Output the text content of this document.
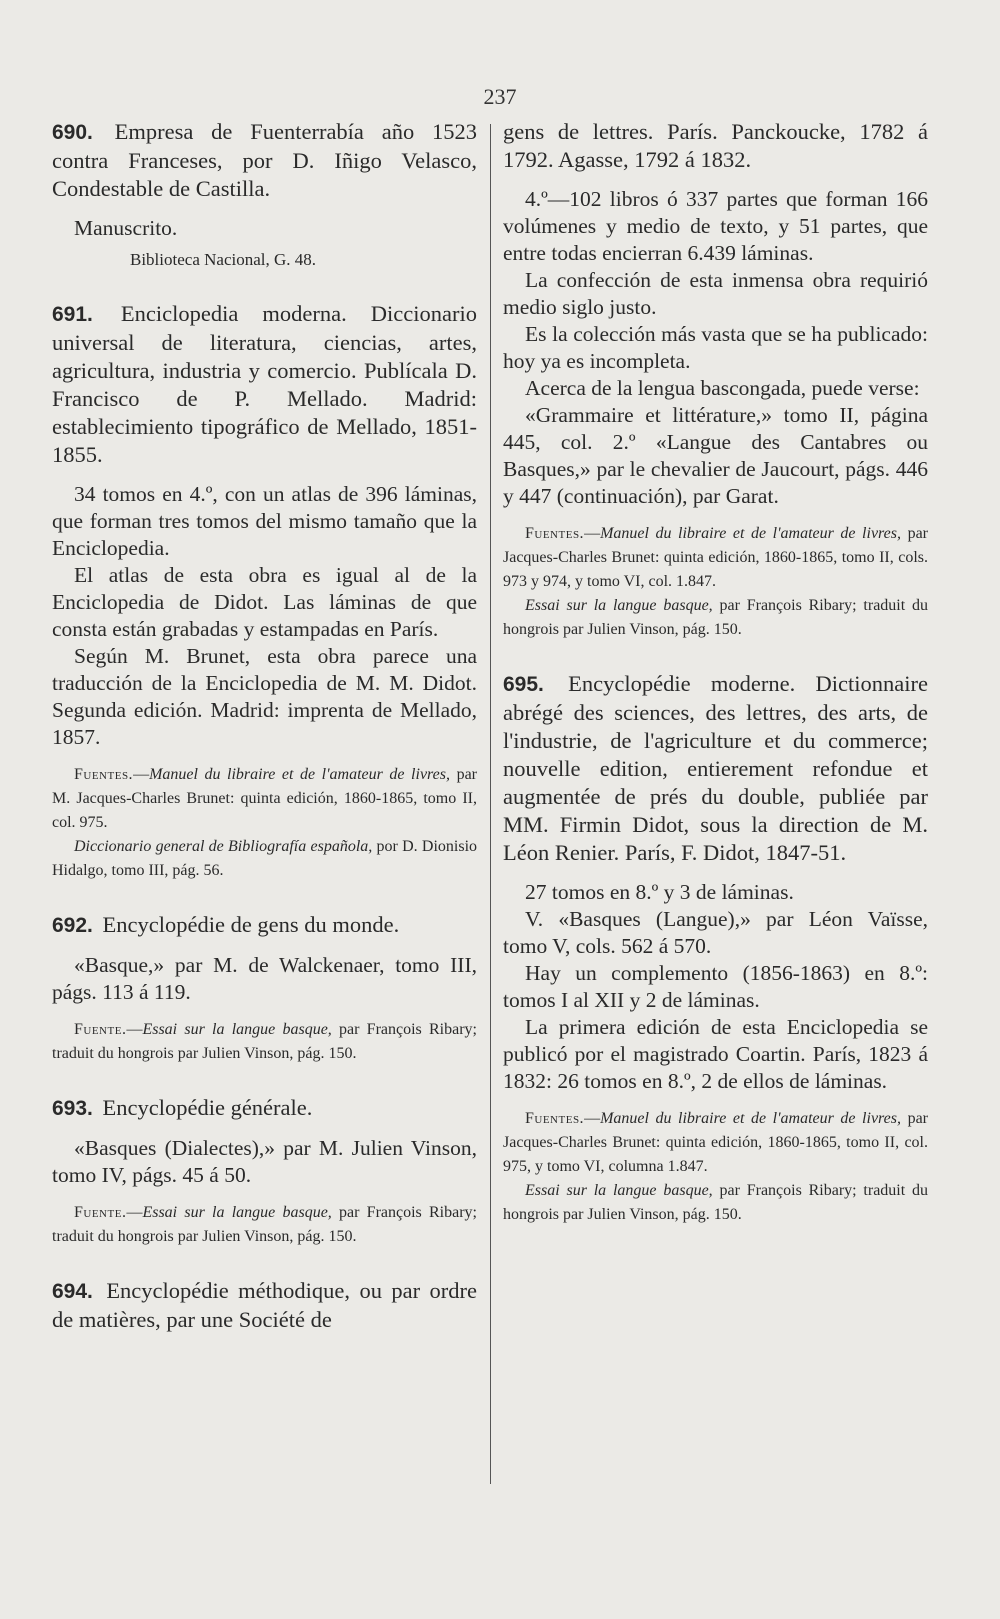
237

690. Empresa de Fuenterrabía año 1523 contra Franceses, por D. Iñigo Velasco, Condestable de Castilla.

Manuscrito.

Biblioteca Nacional, G. 48.

691. Enciclopedia moderna. Diccionario universal de literatura, ciencias, artes, agricultura, industria y comercio. Publícala D. Francisco de P. Mellado. Madrid: establecimiento tipográfico de Mellado, 1851-1855.

34 tomos en 4.º, con un atlas de 396 láminas, que forman tres tomos del mismo tamaño que la Enciclopedia.

El atlas de esta obra es igual al de la Enciclopedia de Didot. Las láminas de que consta están grabadas y estampadas en París.

Según M. Brunet, esta obra parece una traducción de la Enciclopedia de M. M. Didot. Segunda edición. Madrid: imprenta de Mellado, 1857.

Fuentes.—Manuel du libraire et de l'amateur de livres, par M. Jacques-Charles Brunet: quinta edición, 1860-1865, tomo II, col. 975.

Diccionario general de Bibliografía española, por D. Dionisio Hidalgo, tomo III, pág. 56.

692. Encyclopédie de gens du monde.

«Basque,» par M. de Walckenaer, tomo III, págs. 113 á 119.

Fuente.—Essai sur la langue basque, par François Ribary; traduit du hongrois par Julien Vinson, pág. 150.

693. Encyclopédie générale.

«Basques (Dialectes),» par M. Julien Vinson, tomo IV, págs. 45 á 50.

Fuente.—Essai sur la langue basque, par François Ribary; traduit du hongrois par Julien Vinson, pág. 150.

694. Encyclopédie méthodique, ou par ordre de matières, par une Société de

gens de lettres. París. Panckoucke, 1782 á 1792. Agasse, 1792 á 1832.

4.º—102 libros ó 337 partes que forman 166 volúmenes y medio de texto, y 51 partes, que entre todas encierran 6.439 láminas.

La confección de esta inmensa obra requirió medio siglo justo.

Es la colección más vasta que se ha publicado: hoy ya es incompleta.

Acerca de la lengua bascongada, puede verse:

«Grammaire et littérature,» tomo II, página 445, col. 2.º «Langue des Cantabres ou Basques,» par le chevalier de Jaucourt, págs. 446 y 447 (continuación), par Garat.

Fuentes.—Manuel du libraire et de l'amateur de livres, par Jacques-Charles Brunet: quinta edición, 1860-1865, tomo II, cols. 973 y 974, y tomo VI, col. 1.847.

Essai sur la langue basque, par François Ribary; traduit du hongrois par Julien Vinson, pág. 150.

695. Encyclopédie moderne. Dictionnaire abrégé des sciences, des lettres, des arts, de l'industrie, de l'agriculture et du commerce; nouvelle edition, entierement refondue et augmentée de prés du double, publiée par MM. Firmin Didot, sous la direction de M. Léon Renier. París, F. Didot, 1847-51.

27 tomos en 8.º y 3 de láminas.

V. «Basques (Langue),» par Léon Vaïsse, tomo V, cols. 562 á 570.

Hay un complemento (1856-1863) en 8.º: tomos I al XII y 2 de láminas.

La primera edición de esta Enciclopedia se publicó por el magistrado Coartin. París, 1823 á 1832: 26 tomos en 8.º, 2 de ellos de láminas.

Fuentes.—Manuel du libraire et de l'amateur de livres, par Jacques-Charles Brunet: quinta edición, 1860-1865, tomo II, col. 975, y tomo VI, columna 1.847.

Essai sur la langue basque, par François Ribary; traduit du hongrois par Julien Vinson, pág. 150.
